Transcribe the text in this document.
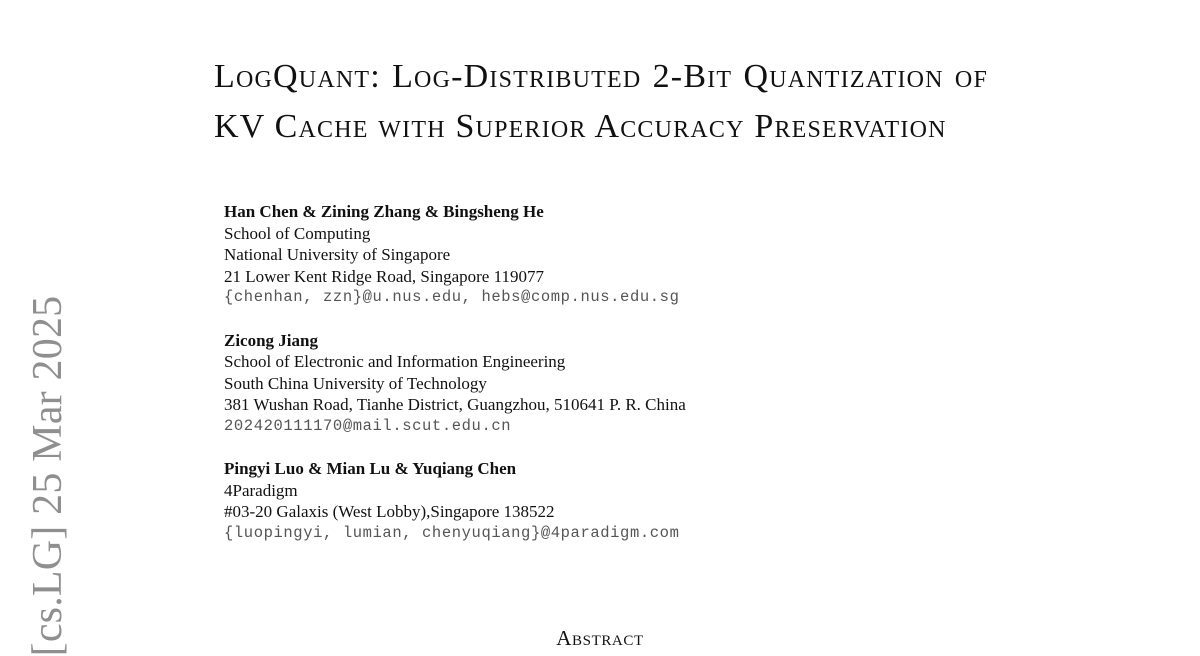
[cs.LG] 25 Mar 2025
LogQuant: Log-Distributed 2-Bit Quantization of KV Cache with Superior Accuracy Preservation
Han Chen & Zining Zhang & Bingsheng He
School of Computing
National University of Singapore
21 Lower Kent Ridge Road, Singapore 119077
{chenhan, zzn}@u.nus.edu, hebs@comp.nus.edu.sg
Zicong Jiang
School of Electronic and Information Engineering
South China University of Technology
381 Wushan Road, Tianhe District, Guangzhou, 510641 P. R. China
202420111170@mail.scut.edu.cn
Pingyi Luo & Mian Lu & Yuqiang Chen
4Paradigm
#03-20 Galaxis (West Lobby),Singapore 138522
{luopingyi, lumian, chenyuqiang}@4paradigm.com
Abstract
